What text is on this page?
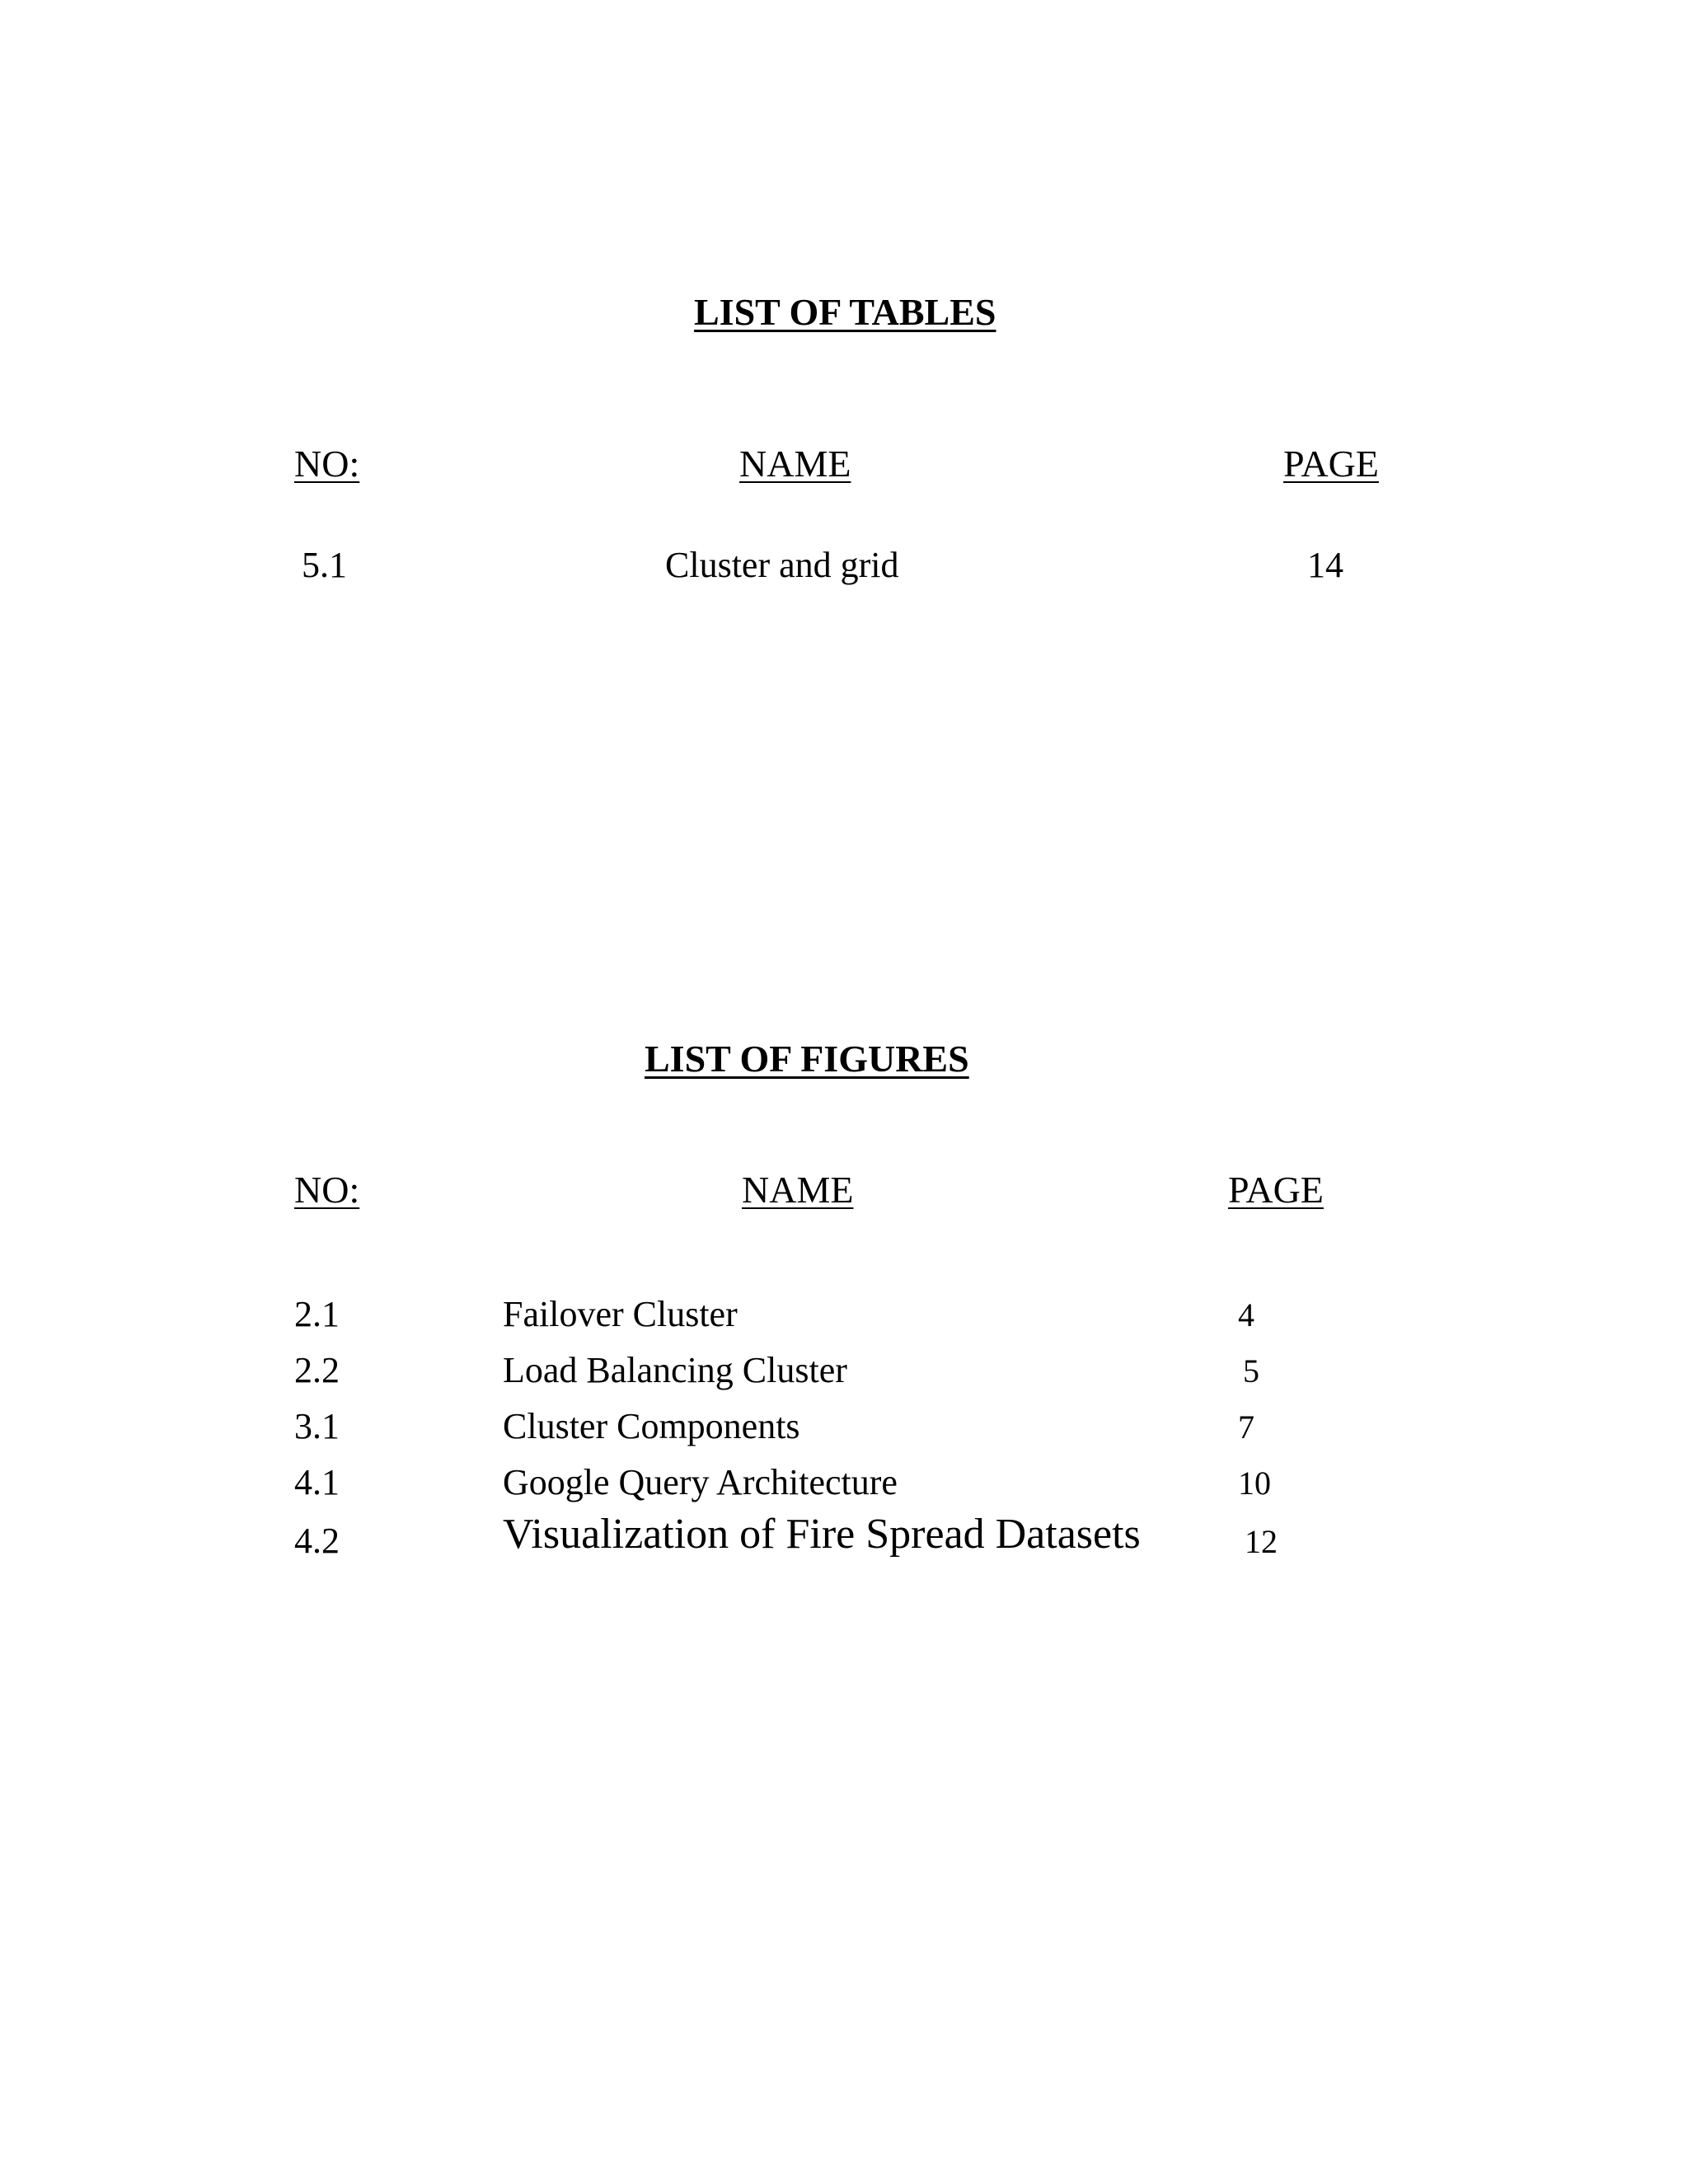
LIST OF TABLES
NO:	NAME	PAGE
5.1	Cluster and grid	14
LIST OF FIGURES
NO:	NAME	PAGE
2.1	Failover Cluster	4
2.2	Load Balancing Cluster	5
3.1	Cluster Components	7
4.1	Google Query Architecture	10
4.2	Visualization of Fire Spread Datasets	12
